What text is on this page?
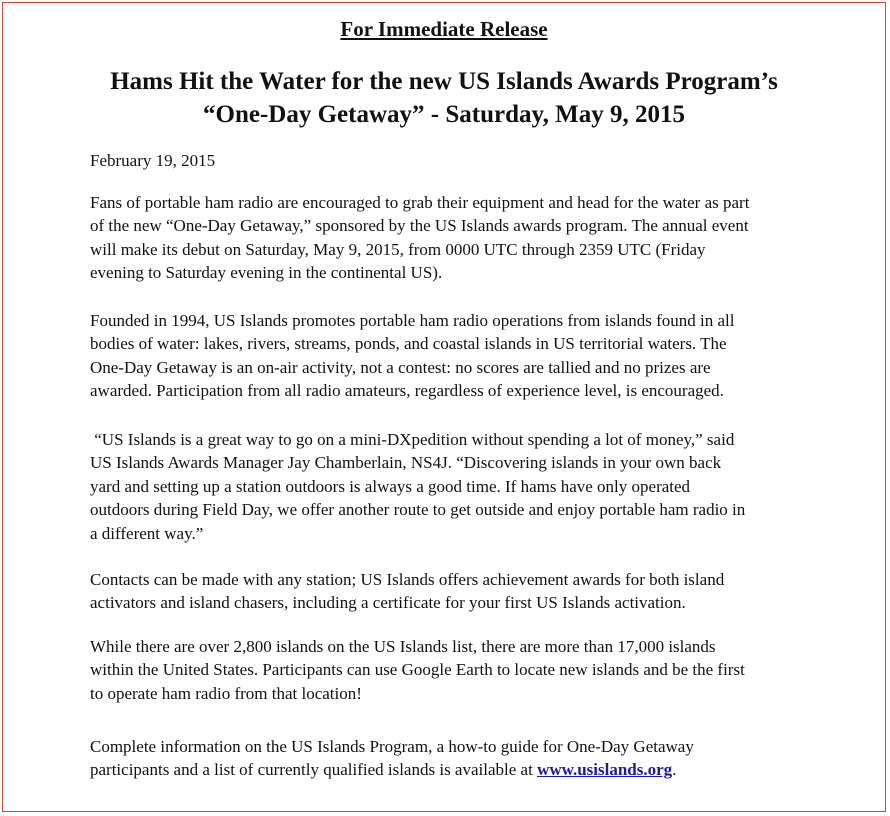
For Immediate Release
Hams Hit the Water for the new US Islands Awards Program’s
“One-Day Getaway” - Saturday, May 9, 2015
February 19, 2015
Fans of portable ham radio are encouraged to grab their equipment and head for the water as part
of the new “One-Day Getaway,” sponsored by the US Islands awards program. The annual event
will make its debut on Saturday, May 9, 2015, from 0000 UTC through 2359 UTC (Friday
evening to Saturday evening in the continental US).
Founded in 1994, US Islands promotes portable ham radio operations from islands found in all
bodies of water: lakes, rivers, streams, ponds, and coastal islands in US territorial waters. The
One-Day Getaway is an on-air activity, not a contest: no scores are tallied and no prizes are
awarded. Participation from all radio amateurs, regardless of experience level, is encouraged.
“US Islands is a great way to go on a mini-DXpedition without spending a lot of money,” said
US Islands Awards Manager Jay Chamberlain, NS4J. “Discovering islands in your own back
yard and setting up a station outdoors is always a good time. If hams have only operated
outdoors during Field Day, we offer another route to get outside and enjoy portable ham radio in
a different way.”
Contacts can be made with any station; US Islands offers achievement awards for both island
activators and island chasers, including a certificate for your first US Islands activation.
While there are over 2,800 islands on the US Islands list, there are more than 17,000 islands
within the United States. Participants can use Google Earth to locate new islands and be the first
to operate ham radio from that location!
Complete information on the US Islands Program, a how-to guide for One-Day Getaway
participants and a list of currently qualified islands is available at www.usislands.org.
